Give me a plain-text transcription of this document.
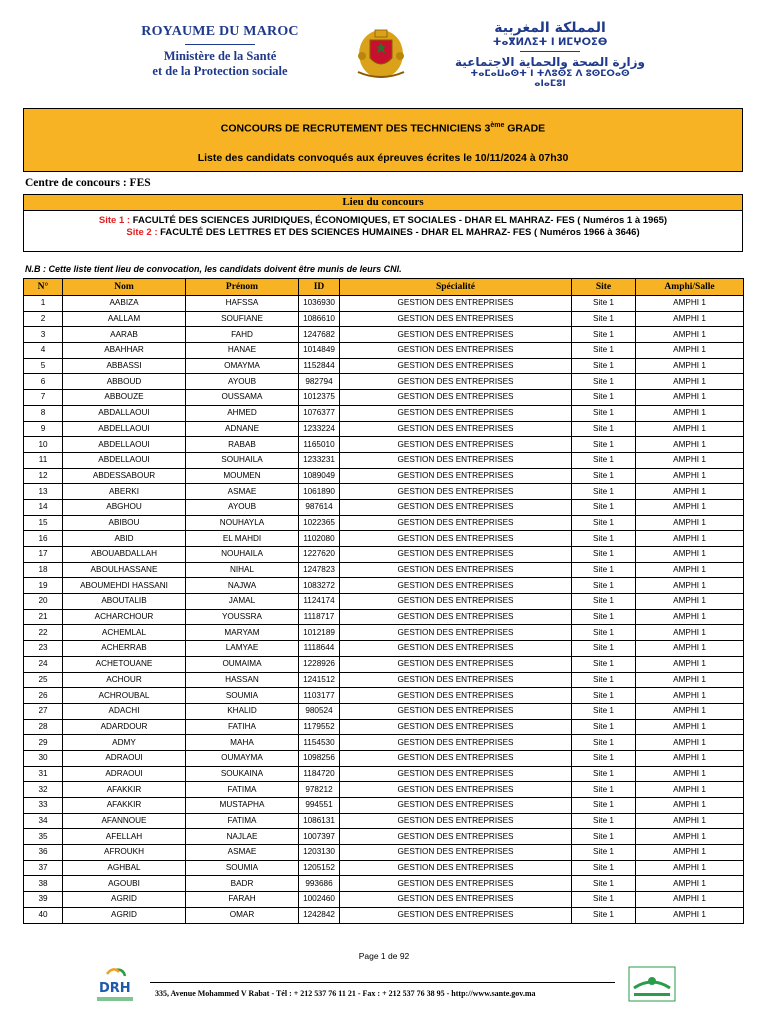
ROYAUME DU MAROC
Ministère de la Santé
et de la Protection sociale
المملكة المغربية
ⵜⴰⴳⵍⴷⵉⵜ ⵏ ⵍⵎⵖⵔⵉⴱ
وزارة الصحة والحماية الاجتماعية
ⵜⴰⵎⴰⵡⴰⵙⵜ ⵏ ⵜⴷⵓⵙⵉ ⴷ ⵓⵙⵎⵔⴰⵙ ⴰⵏⴰⵎⵓⵏ
CONCOURS DE RECRUTEMENT DES TECHNICIENS 3ème GRADE
Liste des candidats convoqués aux épreuves écrites le 10/11/2024 à 07h30
Centre de concours : FES
Lieu du concours
Site 1 : FACULTÉ DES SCIENCES JURIDIQUES, ÉCONOMIQUES, ET SOCIALES - DHAR EL MAHRAZ- FES ( Numéros 1 à 1965)
Site 2 : FACULTÉ DES LETTRES ET DES SCIENCES HUMAINES - DHAR EL MAHRAZ- FES ( Numéros 1966 à 3646)
N.B : Cette liste tient lieu de convocation, les candidats doivent être munis de leurs CNI.
N°	Nom	Prénom	ID	Spécialité	Site	Amphi/Salle
1	AABIZA	HAFSSA	1036930	GESTION DES ENTREPRISES	Site 1	AMPHI 1
2	AALLAM	SOUFIANE	1086610	GESTION DES ENTREPRISES	Site 1	AMPHI 1
3	AARAB	FAHD	1247682	GESTION DES ENTREPRISES	Site 1	AMPHI 1
4	ABAHHAR	HANAE	1014849	GESTION DES ENTREPRISES	Site 1	AMPHI 1
5	ABBASSI	OMAYMA	1152844	GESTION DES ENTREPRISES	Site 1	AMPHI 1
6	ABBOUD	AYOUB	982794	GESTION DES ENTREPRISES	Site 1	AMPHI 1
7	ABBOUZE	OUSSAMA	1012375	GESTION DES ENTREPRISES	Site 1	AMPHI 1
8	ABDALLAOUI	AHMED	1076377	GESTION DES ENTREPRISES	Site 1	AMPHI 1
9	ABDELLAOUI	ADNANE	1233224	GESTION DES ENTREPRISES	Site 1	AMPHI 1
10	ABDELLAOUI	RABAB	1165010	GESTION DES ENTREPRISES	Site 1	AMPHI 1
11	ABDELLAOUI	SOUHAILA	1233231	GESTION DES ENTREPRISES	Site 1	AMPHI 1
12	ABDESSABOUR	MOUMEN	1089049	GESTION DES ENTREPRISES	Site 1	AMPHI 1
13	ABERKI	ASMAE	1061890	GESTION DES ENTREPRISES	Site 1	AMPHI 1
14	ABGHOU	AYOUB	987614	GESTION DES ENTREPRISES	Site 1	AMPHI 1
15	ABIBOU	NOUHAYLA	1022365	GESTION DES ENTREPRISES	Site 1	AMPHI 1
16	ABID	EL MAHDI	1102080	GESTION DES ENTREPRISES	Site 1	AMPHI 1
17	ABOUABDALLAH	NOUHAILA	1227620	GESTION DES ENTREPRISES	Site 1	AMPHI 1
18	ABOULHASSANE	NIHAL	1247823	GESTION DES ENTREPRISES	Site 1	AMPHI 1
19	ABOUMEHDI HASSANI	NAJWA	1083272	GESTION DES ENTREPRISES	Site 1	AMPHI 1
20	ABOUTALIB	JAMAL	1124174	GESTION DES ENTREPRISES	Site 1	AMPHI 1
21	ACHARCHOUR	YOUSSRA	1118717	GESTION DES ENTREPRISES	Site 1	AMPHI 1
22	ACHEMLAL	MARYAM	1012189	GESTION DES ENTREPRISES	Site 1	AMPHI 1
23	ACHERRAB	LAMYAE	1118644	GESTION DES ENTREPRISES	Site 1	AMPHI 1
24	ACHETOUANE	OUMAIMA	1228926	GESTION DES ENTREPRISES	Site 1	AMPHI 1
25	ACHOUR	HASSAN	1241512	GESTION DES ENTREPRISES	Site 1	AMPHI 1
26	ACHROUBAL	SOUMIA	1103177	GESTION DES ENTREPRISES	Site 1	AMPHI 1
27	ADACHI	KHALID	980524	GESTION DES ENTREPRISES	Site 1	AMPHI 1
28	ADARDOUR	FATIHA	1179552	GESTION DES ENTREPRISES	Site 1	AMPHI 1
29	ADMY	MAHA	1154530	GESTION DES ENTREPRISES	Site 1	AMPHI 1
30	ADRAOUI	OUMAYMA	1098256	GESTION DES ENTREPRISES	Site 1	AMPHI 1
31	ADRAOUI	SOUKAINA	1184720	GESTION DES ENTREPRISES	Site 1	AMPHI 1
32	AFAKKIR	FATIMA	978212	GESTION DES ENTREPRISES	Site 1	AMPHI 1
33	AFAKKIR	MUSTAPHA	994551	GESTION DES ENTREPRISES	Site 1	AMPHI 1
34	AFANNOUE	FATIMA	1086131	GESTION DES ENTREPRISES	Site 1	AMPHI 1
35	AFELLAH	NAJLAE	1007397	GESTION DES ENTREPRISES	Site 1	AMPHI 1
36	AFROUKH	ASMAE	1203130	GESTION DES ENTREPRISES	Site 1	AMPHI 1
37	AGHBAL	SOUMIA	1205152	GESTION DES ENTREPRISES	Site 1	AMPHI 1
38	AGOUBI	BADR	993686	GESTION DES ENTREPRISES	Site 1	AMPHI 1
39	AGRID	FARAH	1002460	GESTION DES ENTREPRISES	Site 1	AMPHI 1
40	AGRID	OMAR	1242842	GESTION DES ENTREPRISES	Site 1	AMPHI 1
Page 1 de 92
DRH	335, Avenue Mohammed V Rabat - Tél : + 212 537 76 11 21 - Fax : + 212 537 76 38 95 - http://www.sante.gov.ma
